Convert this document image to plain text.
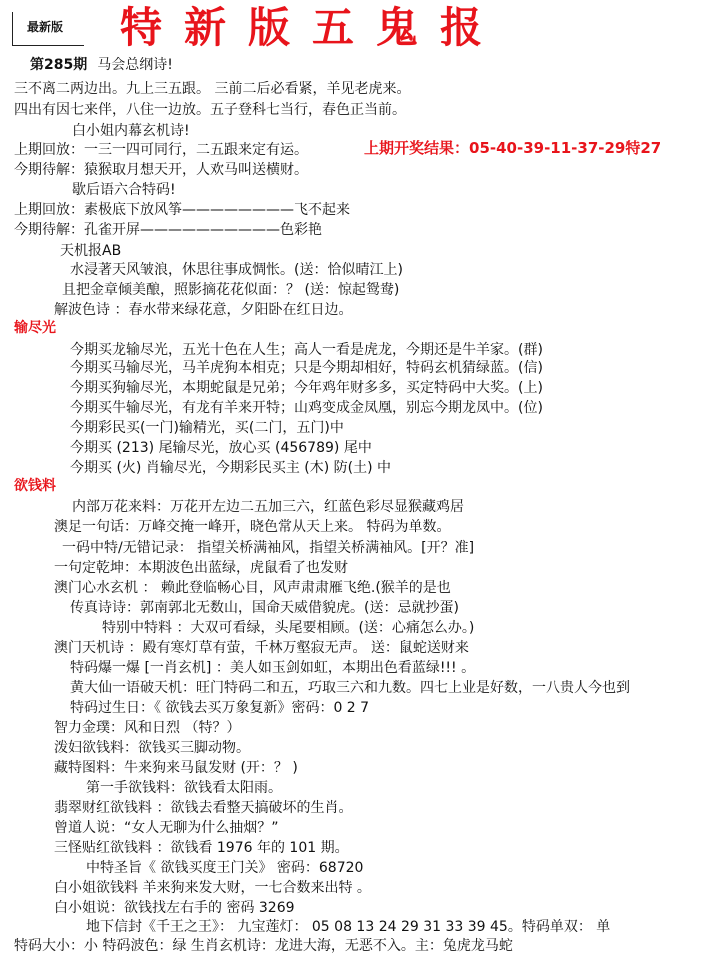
最新版	特新版五鬼报
第285期 马会总纲诗!
三不离二两边出。九上三五跟。 三前二后必看紧，羊见老虎来。
四出有因七来伴，八住一边放。五子登科七当行，春色正当前。
白小姐内幕玄机诗!
上期回放：一三一四可同行，二五跟来定有运。	上期开奖结果：05-40-39-11-37-29特27
今期待解：猿猴取月想天开，人欢马叫送横财。
歇后语六合特码!
上期回放：素极底下放风筝————————飞不起来
今期待解：孔雀开屏——————————色彩艳
天机报AB
水浸著天风皱浪，休思往事成惆怅。(送：恰似晴江上)
且把金章倾美酿，照影摘花花似面：？ (送：惊起鸳鸯)
解波色诗 ：春水带来绿花意，夕阳卧在红日边。
输尽光
今期买龙输尽光，五光十色在人生；高人一看是虎龙，今期还是牛羊家。(群)
今期买马输尽光，马羊虎狗本相克；只是今期却相好，特码玄机猜绿蓝。(信)
今期买狗输尽光，本期蛇鼠是兄弟；今年鸡年财多多，买定特码中大奖。(上)
今期买牛输尽光，有龙有羊来开特；山鸡变成金凤凰，别忘今期龙凤中。(位)
今期彩民买(一门)输精光，买(二门，五门)中
今期买 (213) 尾输尽光，放心买 (456789) 尾中
今期买 (火) 肖输尽光，今期彩民买主 (木) 防(土) 中
欲钱料
内部万花来料：万花开左边二五加三六，红蓝色彩尽显猴藏鸡居
澳足一句话：万峰交掩一峰开，晓色常从天上来。 特码为单数。
一码中特/无错记录： 指望关桥满袖风，指望关桥满袖风。[开？准]
一句定乾坤：本期波色出蓝绿，虎鼠看了也发财
澳门心水玄机 ： 赖此登临畅心目，风声肃肃雁飞绝.(猴羊的是也
传真诗诗：郭南郭北无数山，国命天威借貌虎。(送：忌就抄蛋)
特别中特料 ：大双可看绿，头尾要相顾。(送：心痛怎么办。)
澳门天机诗 ：殿有寒灯草有萤，千林万壑寂无声。 送：鼠蛇送财来
特码爆一爆 [一肖玄机] ：美人如玉剑如虹，本期出色看蓝绿!!! 。
黄大仙一语破天机：旺门特码二和五，巧取三六和九数。四七上业是好数，一八贵人今也到
特码过生日：《 欲钱去买万象复新》密码：0 2 7
智力金璞：风和日烈 （特？）
泼妇欲钱料：欲钱买三脚动物。
藏特图料：牛来狗来马鼠发财 (开：？ )
第一手欲钱料：欲钱看太阳雨。
翡翠财红欲钱料 ：欲钱去看整天搞破坏的生肖。
曾道人说：“女人无聊为什么抽烟？”
三怪贴红欲钱料 ：欲钱看 1976 年的 101 期。
中特圣旨《 欲钱买度王门关》 密码：68720
白小姐欲钱料 羊来狗来发大财，一七合数来出特 。
白小姐说：欲钱找左右手的 密码 3269
地下信封《千王之王》： 九宝莲灯： 05 08 13 24 29 31 33 39 45。特码单双： 单
特码大小：小 特码波色：绿 生肖玄机诗：龙进大海，无恶不入。主：兔虎龙马蛇
